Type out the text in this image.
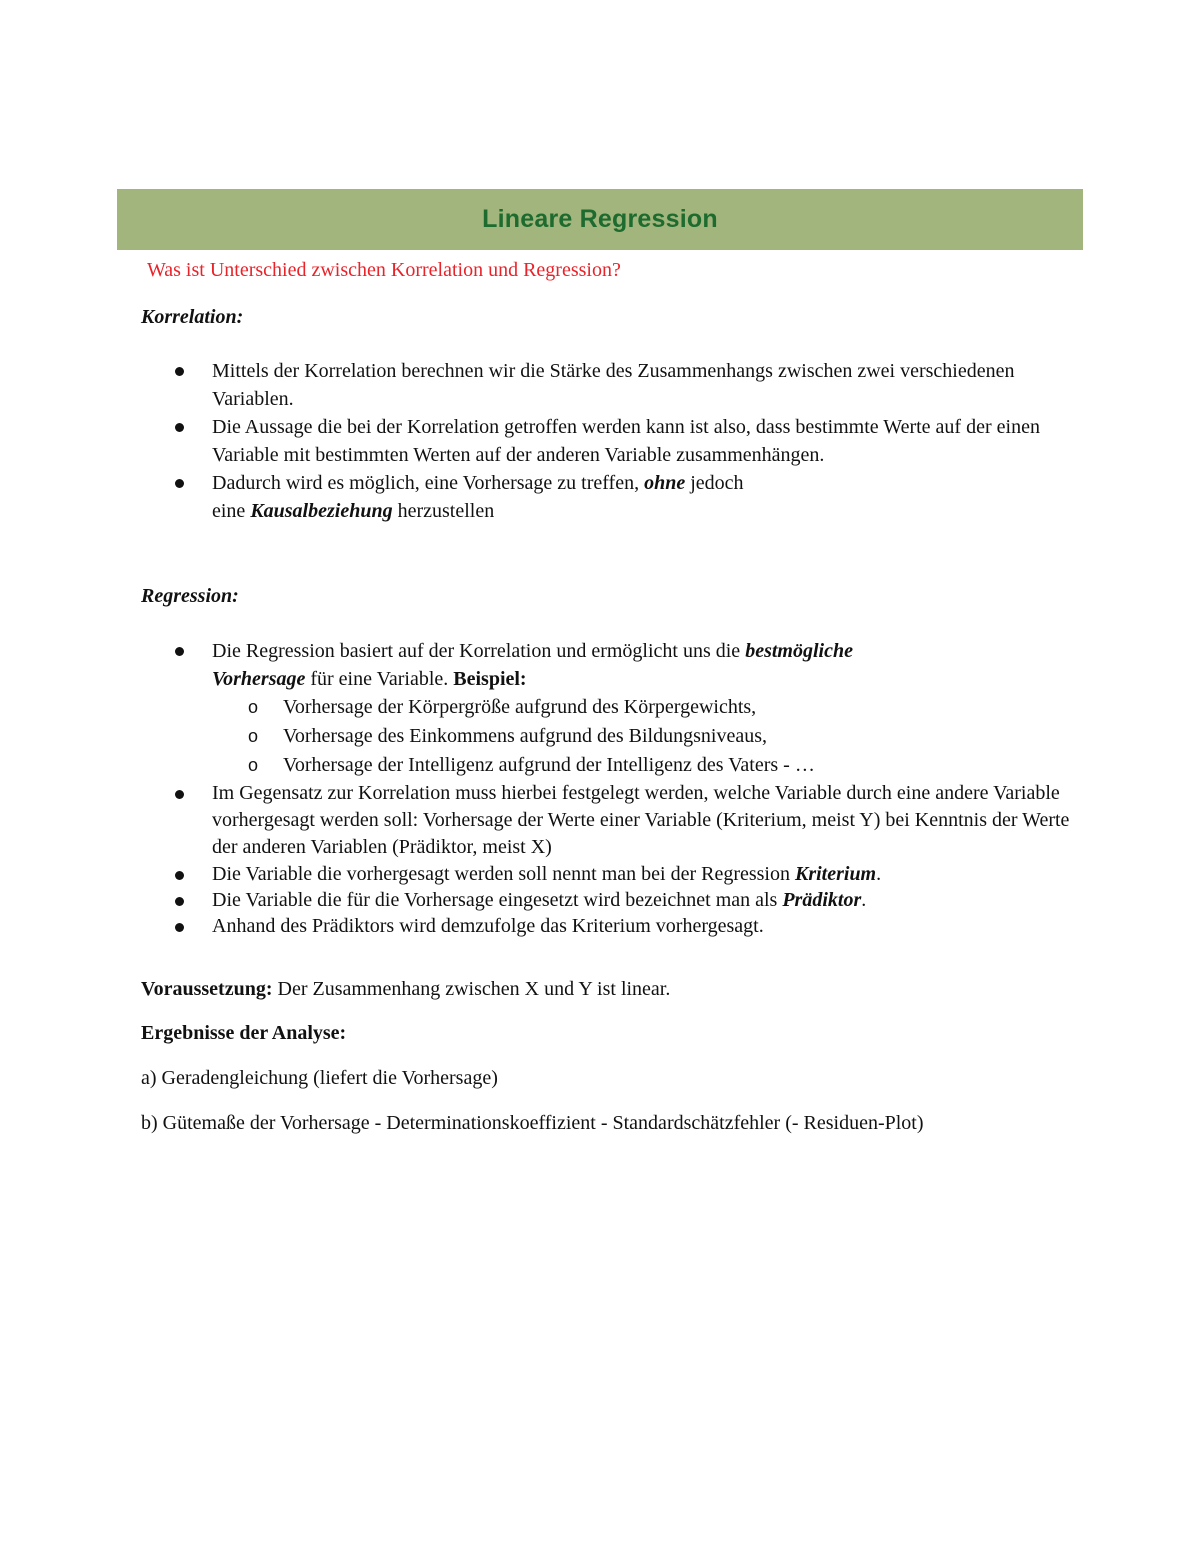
Lineare Regression
Was ist Unterschied zwischen Korrelation und Regression?
Korrelation:
Mittels der Korrelation berechnen wir die Stärke des Zusammenhangs zwischen zwei verschiedenen Variablen.
Die Aussage die bei der Korrelation getroffen werden kann ist also, dass bestimmte Werte auf der einen Variable mit bestimmten Werten auf der anderen Variable zusammenhängen.
Dadurch wird es möglich, eine Vorhersage zu treffen, ohne jedoch
eine Kausalbeziehung herzustellen
Regression:
Die Regression basiert auf der Korrelation und ermöglicht uns die bestmögliche
Vorhersage für eine Variable. Beispiel:
o Vorhersage der Körpergröße aufgrund des Körpergewichts,
o Vorhersage des Einkommens aufgrund des Bildungsniveaus,
o Vorhersage der Intelligenz aufgrund der Intelligenz des Vaters - …
Im Gegensatz zur Korrelation muss hierbei festgelegt werden, welche Variable durch eine andere Variable vorhergesagt werden soll: Vorhersage der Werte einer Variable (Kriterium, meist Y) bei Kenntnis der Werte der anderen Variablen (Prädiktor, meist X)
Die Variable die vorhergesagt werden soll nennt man bei der Regression Kriterium.
Die Variable die für die Vorhersage eingesetzt wird bezeichnet man als Prädiktor.
Anhand des Prädiktors wird demzufolge das Kriterium vorhergesagt.

Voraussetzung: Der Zusammenhang zwischen X und Y ist linear.

Ergebnisse der Analyse:

a) Geradengleichung (liefert die Vorhersage)

b) Gütemaße der Vorhersage - Determinationskoeffizient - Standardschätzfehler (- Residuen-Plot)
